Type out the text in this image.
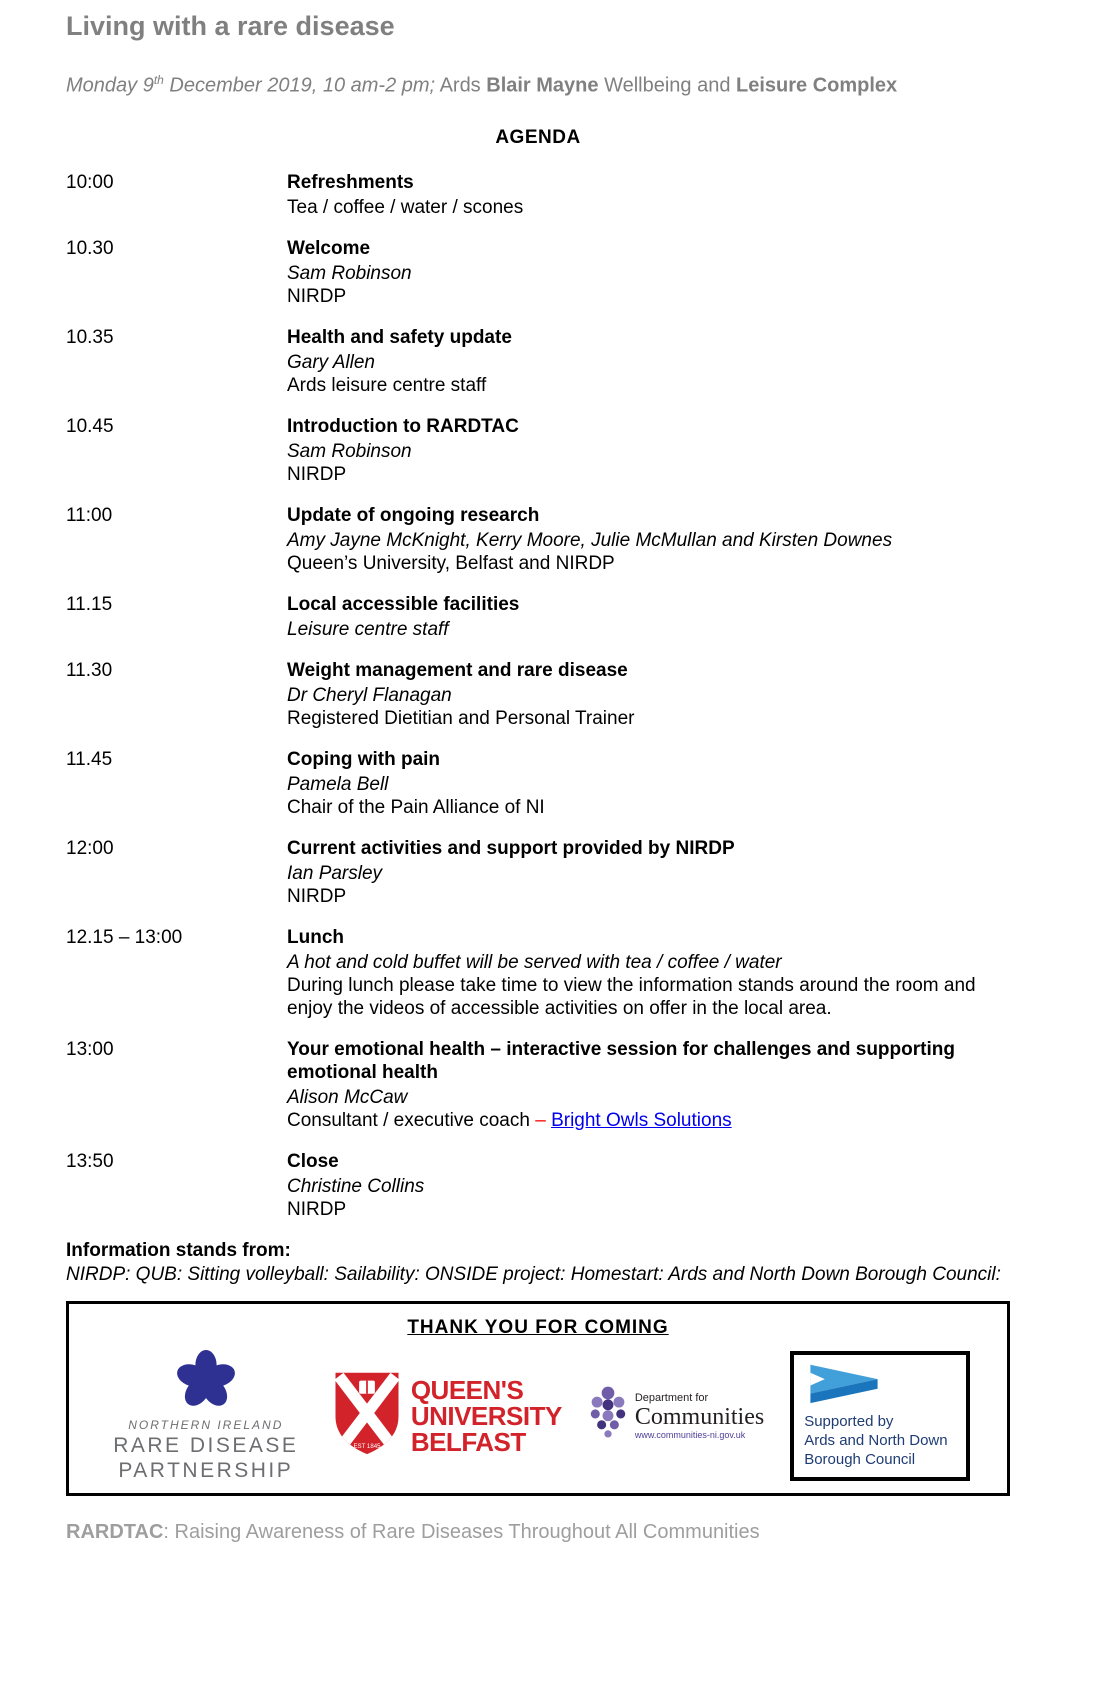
Living with a rare disease

Monday 9th December 2019, 10 am-2 pm; Ards Blair Mayne Wellbeing and Leisure Complex

AGENDA
10:00	Refreshments
Tea / coffee / water / scones
10.30	Welcome
Sam Robinson
NIRDP
10.35	Health and safety update
Gary Allen
Ards leisure centre staff
10.45	Introduction to RARDTAC
Sam Robinson
NIRDP
11:00	Update of ongoing research
Amy Jayne McKnight, Kerry Moore, Julie McMullan and Kirsten Downes
Queen’s University, Belfast and NIRDP
11.15	Local accessible facilities
Leisure centre staff
11.30	Weight management and rare disease
Dr Cheryl Flanagan
Registered Dietitian and Personal Trainer
11.45	Coping with pain
Pamela Bell
Chair of the Pain Alliance of NI
12:00	Current activities and support provided by NIRDP
Ian Parsley
NIRDP
12.15 – 13:00	Lunch
A hot and cold buffet will be served with tea / coffee / water
During lunch please take time to view the information stands around the room and enjoy the videos of accessible activities on offer in the local area.
13:00	Your emotional health – interactive session for challenges and supporting emotional health
Alison McCaw
Consultant / executive coach – Bright Owls Solutions
13:50	Close
Christine Collins
NIRDP
Information stands from:
NIRDP: QUB: Sitting volleyball: Sailability: ONSIDE project: Homestart: Ards and North Down Borough Council:
THANK YOU FOR COMING
NORTHERN IRELAND
RARE DISEASE
PARTNERSHIP
EST 1845
QUEEN'S
UNIVERSITY
BELFAST
Department for
Communities
www.communities-ni.gov.uk
Supported by
Ards and North Down
Borough Council
RARDTAC: Raising Awareness of Rare Diseases Throughout All Communities
